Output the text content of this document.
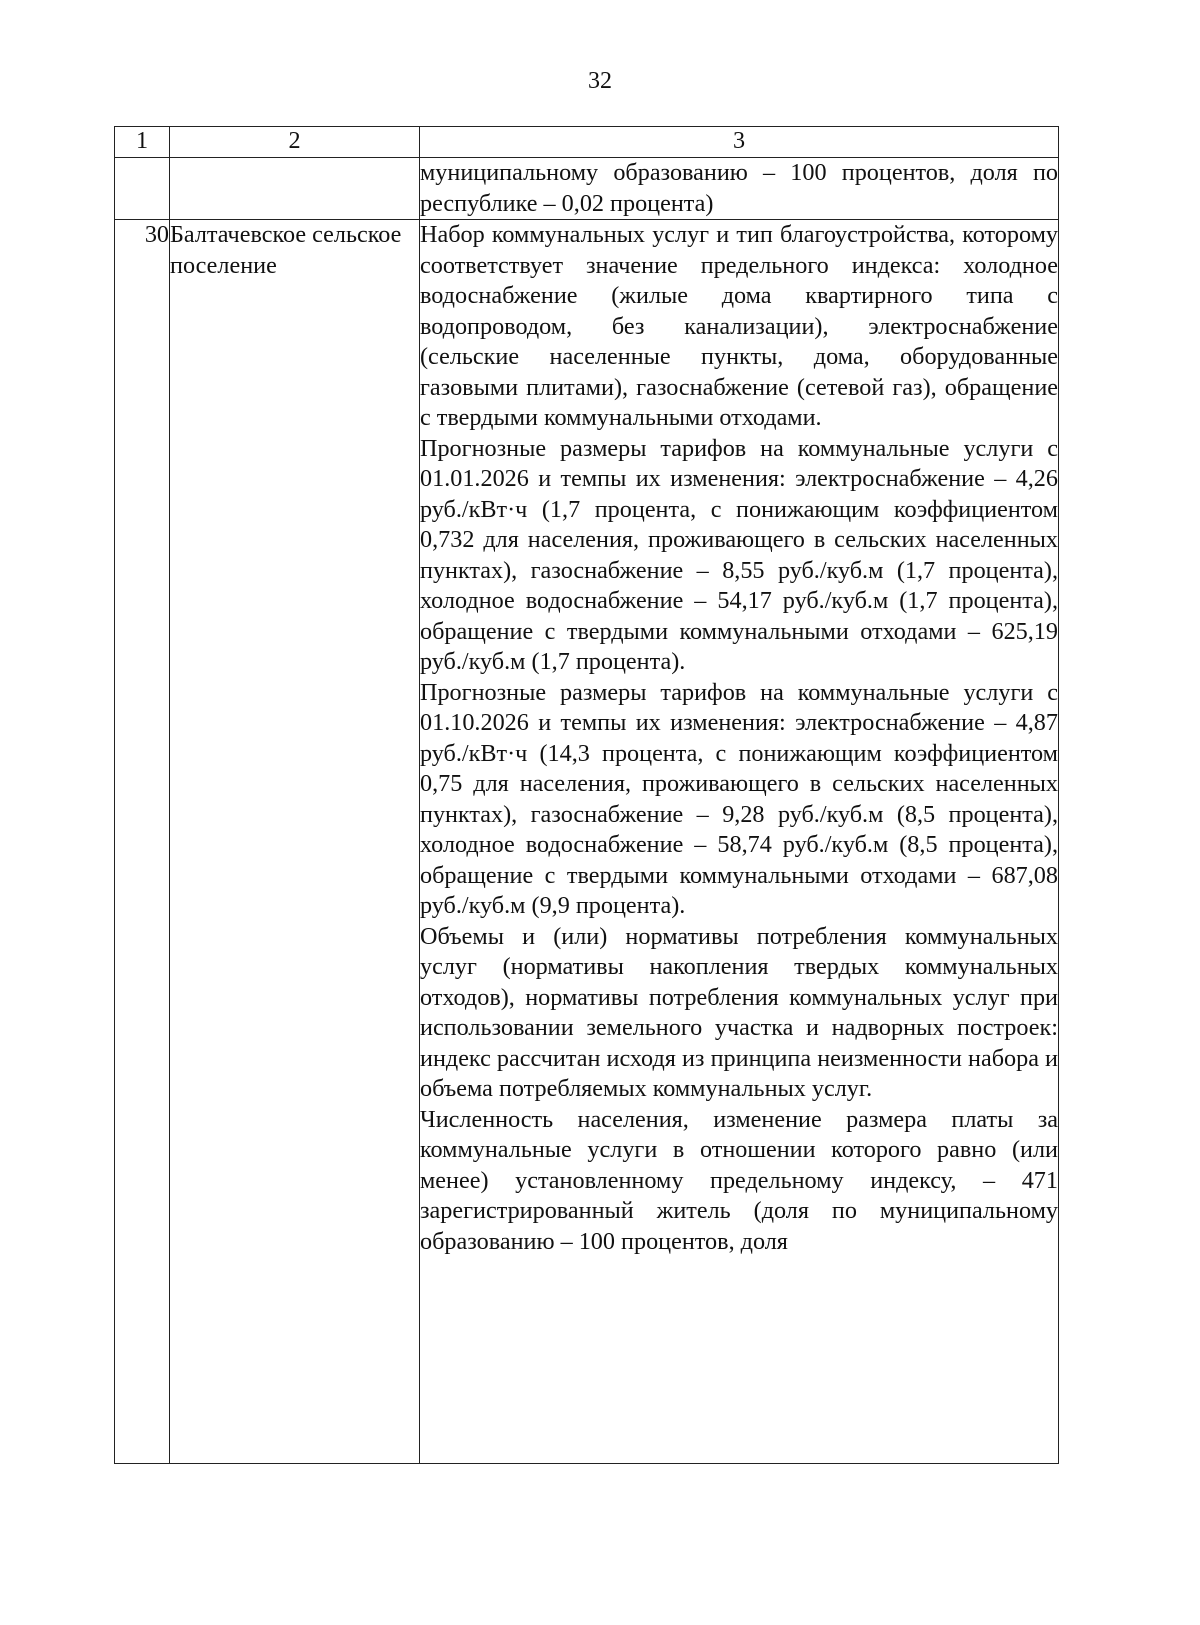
32
1	2	3

		муниципальному образованию – 100 процентов, доля по республике – 0,02 процента)

30	Балтачевское сельское поселение	Набор коммунальных услуг и тип благоустройства, которому соответствует значение предельного индекса: холодное водоснабжение (жилые дома квартирного типа с водопроводом, без канализации), электроснабжение (сельские населенные пункты, дома, оборудованные газовыми плитами), газоснабжение (сетевой газ), обращение с твердыми коммунальными отходами.

Прогнозные размеры тарифов на коммунальные услуги с 01.01.2026 и темпы их изменения: электроснабжение – 4,26 руб./кВт·ч (1,7 процента, с понижающим коэффициентом 0,732 для населения, проживающего в сельских населенных пунктах), газоснабжение – 8,55 руб./куб.м (1,7 процента), холодное водоснабжение – 54,17 руб./куб.м (1,7 процента), обращение с твердыми коммунальными отходами – 625,19 руб./куб.м (1,7 процента).

Прогнозные размеры тарифов на коммунальные услуги с 01.10.2026 и темпы их изменения: электроснабжение – 4,87 руб./кВт·ч (14,3 процента, с понижающим коэффициентом 0,75 для населения, проживающего в сельских населенных пунктах), газоснабжение – 9,28 руб./куб.м (8,5 процента), холодное водоснабжение – 58,74 руб./куб.м (8,5 процента), обращение с твердыми коммунальными отходами – 687,08 руб./куб.м (9,9 процента).

Объемы и (или) нормативы потребления коммунальных услуг (нормативы накопления твердых коммунальных отходов), нормативы потребления коммунальных услуг при использовании земельного участка и надворных построек: индекс рассчитан исходя из принципа неизменности набора и объема потребляемых коммунальных услуг.

Численность населения, изменение размера платы за коммунальные услуги в отношении которого равно (или менее) установленному предельному индексу, – 471 зарегистрированный житель (доля по муниципальному образованию – 100 процентов, доля
